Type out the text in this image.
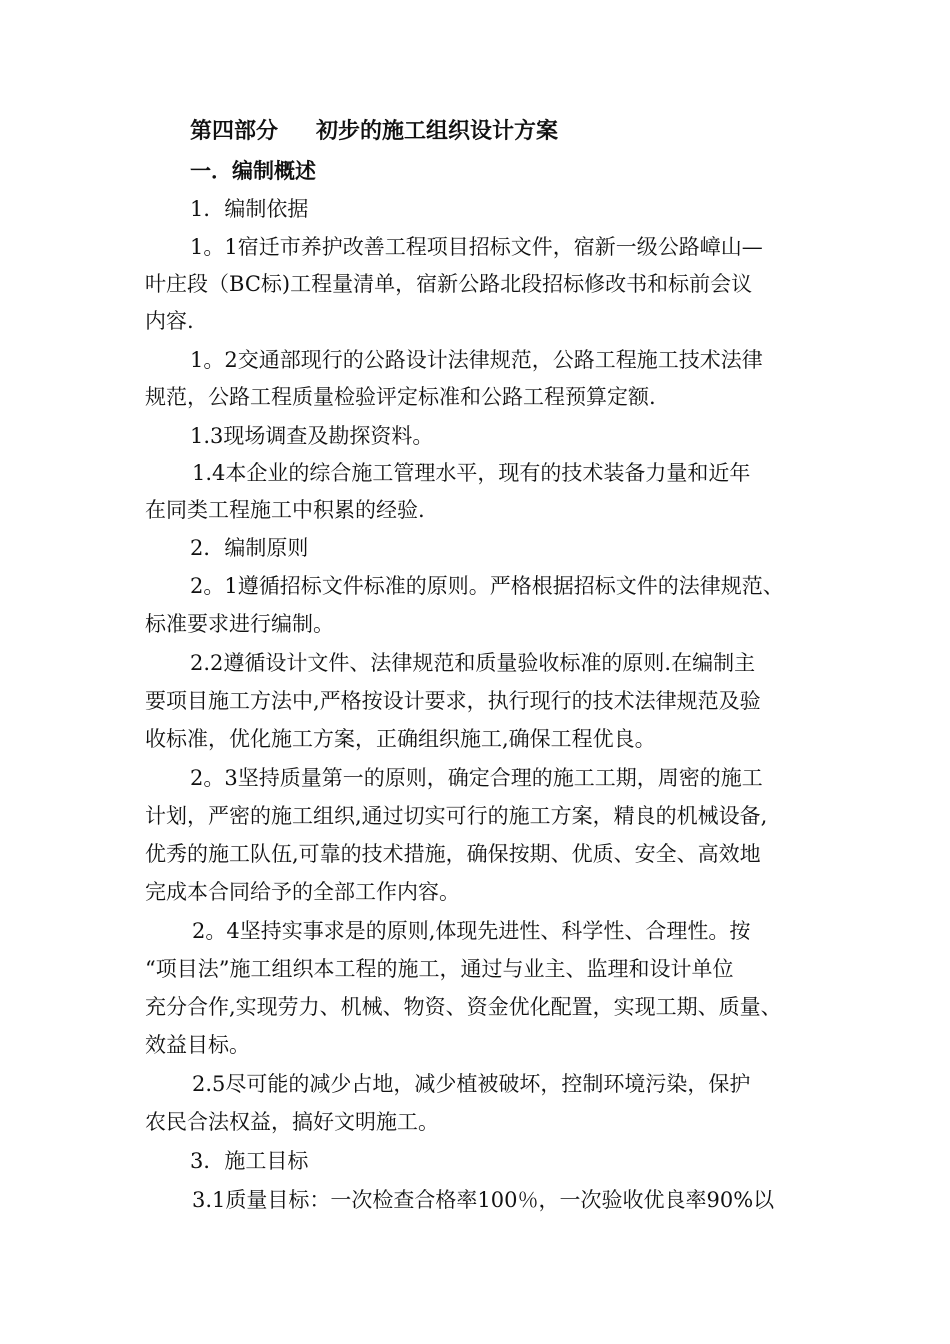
第四部分 初步的施工组织设计方案
一．编制概述
1．编制依据
1。1宿迁市养护改善工程项目招标文件，宿新一级公路嶂山—
叶庄段（BC标)工程量清单，宿新公路北段招标修改书和标前会议
内容.
1。2交通部现行的公路设计法律规范，公路工程施工技术法律
规范，公路工程质量检验评定标准和公路工程预算定额.
1.3现场调查及勘探资料。
1.4本企业的综合施工管理水平，现有的技术装备力量和近年
在同类工程施工中积累的经验.
2．编制原则
2。1遵循招标文件标准的原则。严格根据招标文件的法律规范、
标准要求进行编制。
2.2遵循设计文件、法律规范和质量验收标准的原则.在编制主
要项目施工方法中,严格按设计要求，执行现行的技术法律规范及验
收标准，优化施工方案，正确组织施工,确保工程优良。
2。3坚持质量第一的原则，确定合理的施工工期，周密的施工
计划，严密的施工组织,通过切实可行的施工方案，精良的机械设备,
优秀的施工队伍,可靠的技术措施，确保按期、优质、安全、高效地
完成本合同给予的全部工作内容。
2。4坚持实事求是的原则,体现先进性、科学性、合理性。按
“项目法”施工组织本工程的施工，通过与业主、监理和设计单位
充分合作,实现劳力、机械、物资、资金优化配置，实现工期、质量、
效益目标。
2.5尽可能的减少占地，减少植被破坏，控制环境污染，保护
农民合法权益，搞好文明施工。
3．施工目标
3.1质量目标：一次检查合格率100％，一次验收优良率90%以
